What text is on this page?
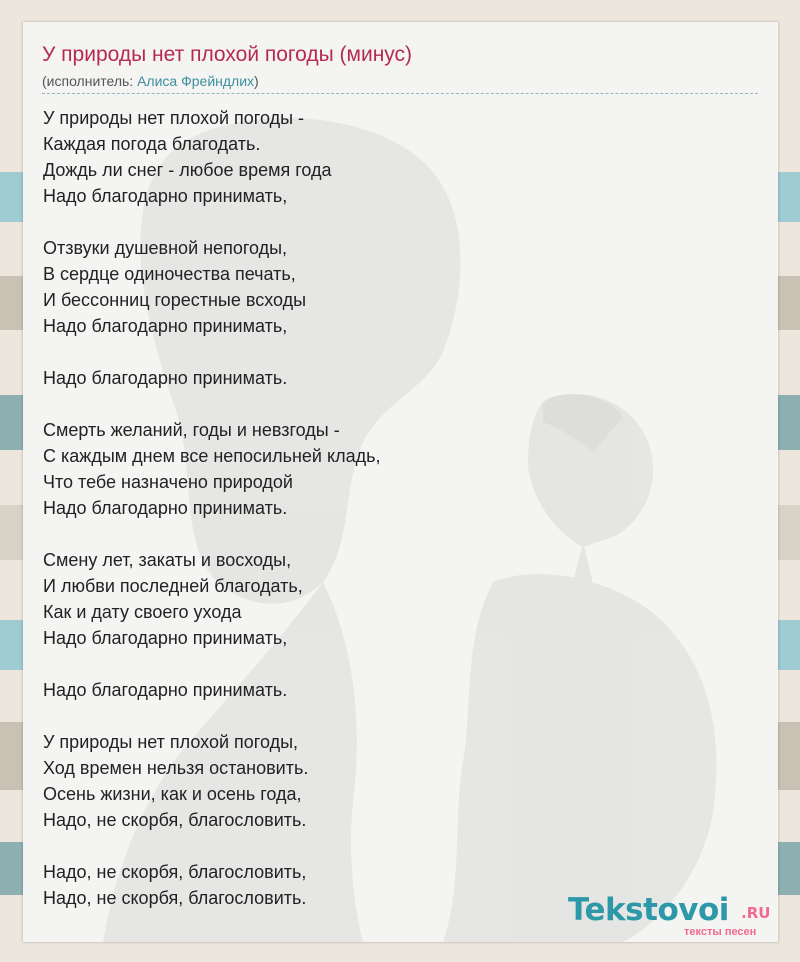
У природы нет плохой погоды (минус)
(исполнитель: Алиса Фрейндлих)
У природы нет плохой погоды -
Каждая погода благодать.
Дождь ли снег - любое время года
Надо благодарно принимать,
Отзвуки душевной непогоды,
В сердце одиночества печать,
И бессонниц горестные всходы
Надо благодарно принимать,
Надо благодарно принимать.
Смерть желаний, годы и невзгоды -
С каждым днем все непосильней кладь,
Что тебе назначено природой
Надо благодарно принимать.
Смену лет, закаты и восходы,
И любви последней благодать,
Как и дату своего ухода
Надо благодарно принимать,
Надо благодарно принимать.
У природы нет плохой погоды,
Ход времен нельзя остановить.
Осень жизни, как и осень года,
Надо, не скорбя, благословить.
Надо, не скорбя, благословить,
Надо, не скорбя, благословить.	Tekstovoi .RU
тексты песен
